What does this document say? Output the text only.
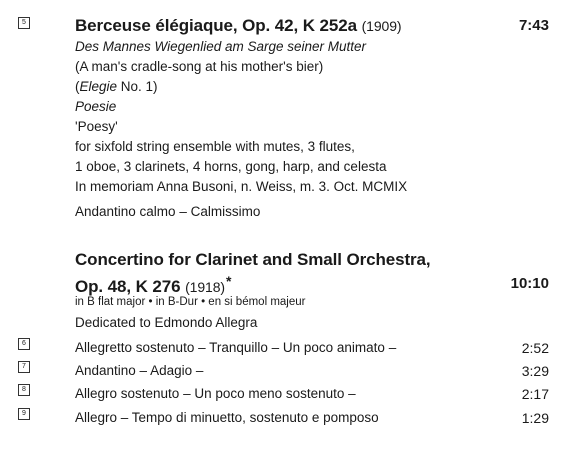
5	Berceuse élégiaque, Op. 42, K 252a (1909)	7:43
Des Mannes Wiegenlied am Sarge seiner Mutter
(A man's cradle-song at his mother's bier)
(Elegie No. 1)
Poesie
'Poesy'
for sixfold string ensemble with mutes, 3 flutes,
1 oboe, 3 clarinets, 4 horns, gong, harp, and celesta
In memoriam Anna Busoni, n. Weiss, m. 3. Oct. MCMIX
Andantino calmo – Calmissimo
Concertino for Clarinet and Small Orchestra,
Op. 48, K 276 (1918)*	10:10
in B flat major • in B-Dur • en si bémol majeur
Dedicated to Edmondo Allegra
6	Allegretto sostenuto – Tranquillo – Un poco animato –	2:52
7	Andantino – Adagio –	3:29
8	Allegro sostenuto – Un poco meno sostenuto –	2:17
9	Allegro – Tempo di minuetto, sostenuto e pomposo	1:29
